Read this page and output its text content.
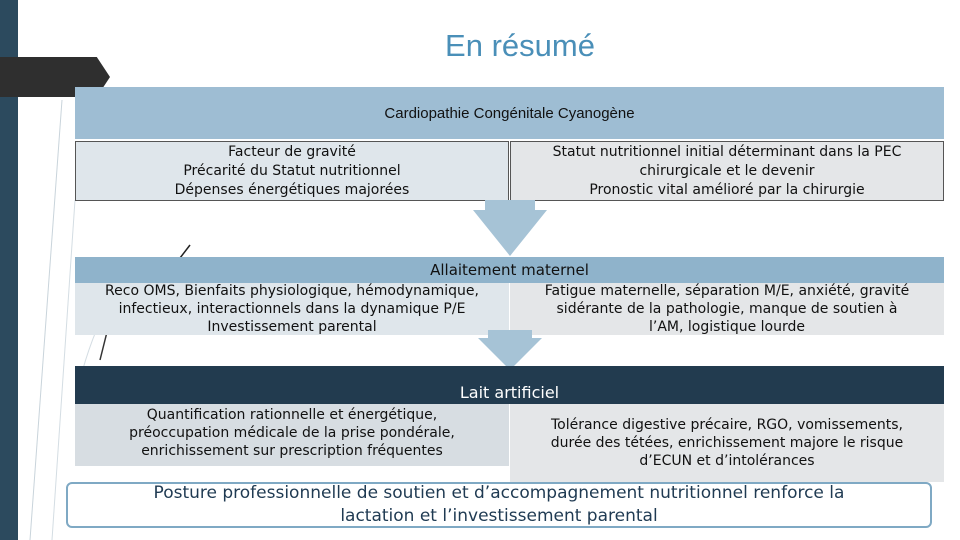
En résumé
Cardiopathie Congénitale Cyanogène
Facteur de gravité
Précarité du Statut nutritionnel
Dépenses énergétiques majorées
Statut nutritionnel initial déterminant dans la PEC
chirurgicale et le devenir
Pronostic vital amélioré par la chirurgie
Allaitement maternel
Reco OMS, Bienfaits physiologique, hémodynamique,
infectieux, interactionnels dans la dynamique P/E
Investissement parental
Fatigue maternelle, séparation M/E, anxiété, gravité
sidérante de la pathologie, manque de soutien à
l’AM, logistique lourde
Lait artificiel
Quantification rationnelle et énergétique,
préoccupation médicale de la prise pondérale,
enrichissement sur prescription fréquentes
Tolérance digestive précaire, RGO, vomissements,
durée des tétées, enrichissement majore le risque
d’ECUN et d’intolérances
Posture professionnelle de soutien et d’accompagnement nutritionnel renforce la
lactation et l’investissement parental
